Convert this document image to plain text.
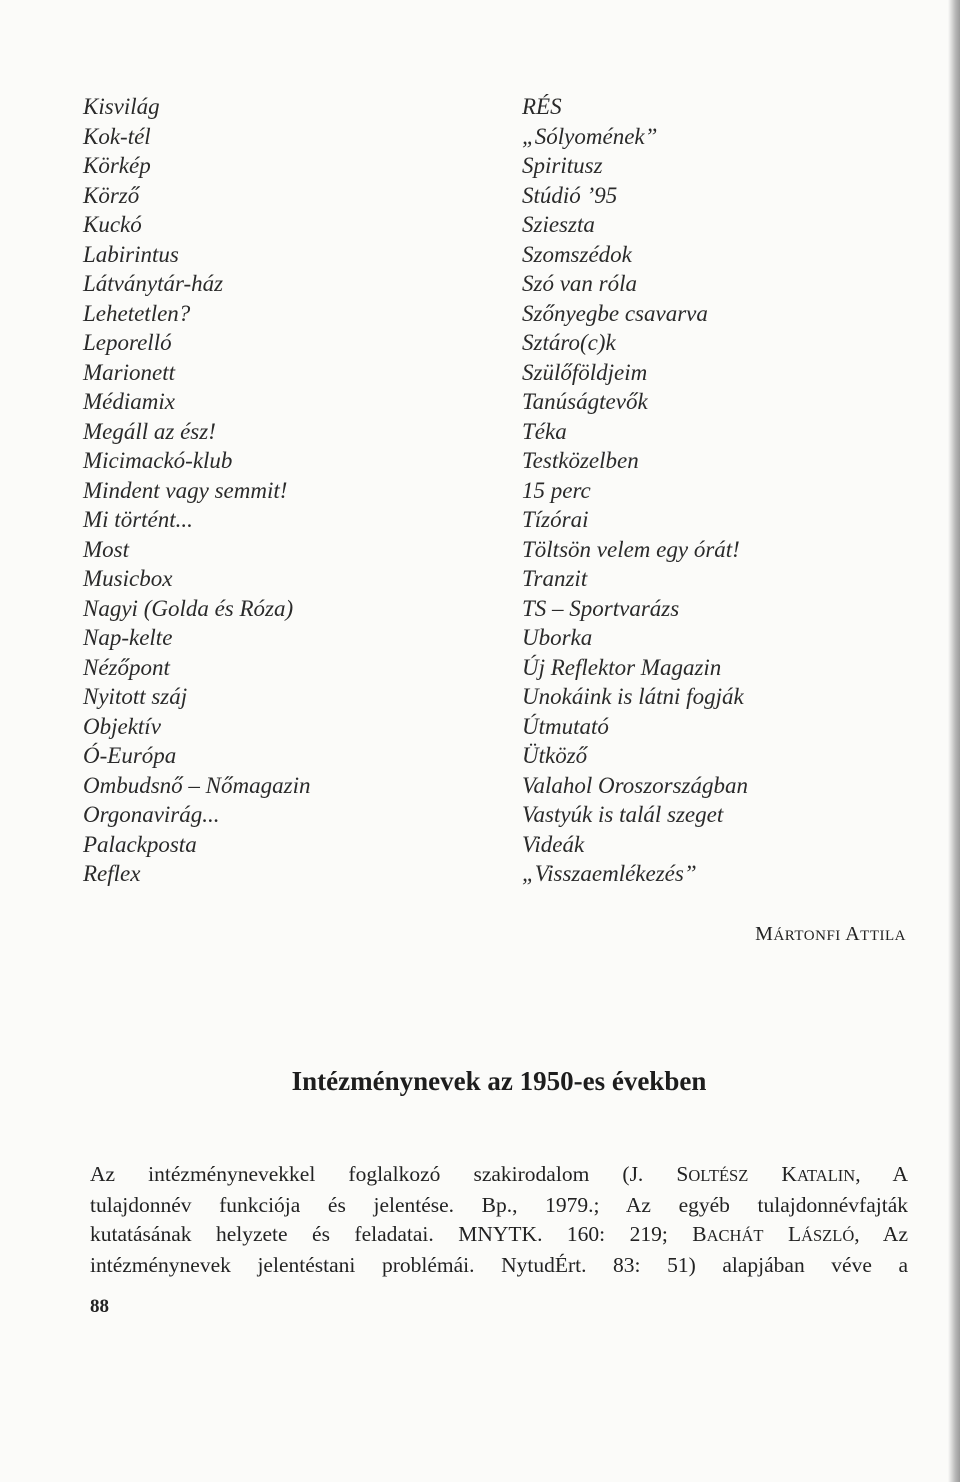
Kisvilág
Kok-tél
Körkép
Körző
Kuckó
Labirintus
Látványtár-ház
Lehetetlen?
Leporelló
Marionett
Médiamix
Megáll az ész!
Micimackó-klub
Mindent vagy semmit!
Mi történt...
Most
Musicbox
Nagyi (Golda és Róza)
Nap-kelte
Nézőpont
Nyitott száj
Objektív
Ó-Európa
Ombudsnő – Nőmagazin
Orgonavirág...
Palackposta
Reflex
RÉS
„Sólyomének”
Spiritusz
Stúdió ’95
Szieszta
Szomszédok
Szó van róla
Szőnyegbe csavarva
Sztáro(c)k
Szülőföldjeim
Tanúságtevők
Téka
Testközelben
15 perc
Tízórai
Töltsön velem egy órát!
Tranzit
TS – Sportvarázs
Uborka
Új Reflektor Magazin
Unokáink is látni fogják
Útmutató
Ütköző
Valahol Oroszországban
Vastyúk is talál szeget
Videák
„Visszaemlékezés”
MÁRTONFI ATTILA
Intézménynevek az 1950-es években
Az intézménynevekkel foglalkozó szakirodalom (J. SOLTÉSZ KATALIN, A
tulajdonnév funkciója és jelentése. Bp., 1979.; Az egyéb tulajdonnévfajták
kutatásának helyzete és feladatai. MNYTK. 160: 219; BACHÁT LÁSZLÓ, Az
intézménynevek jelentéstani problémái. NytudÉrt. 83: 51) alapjában véve a
88
